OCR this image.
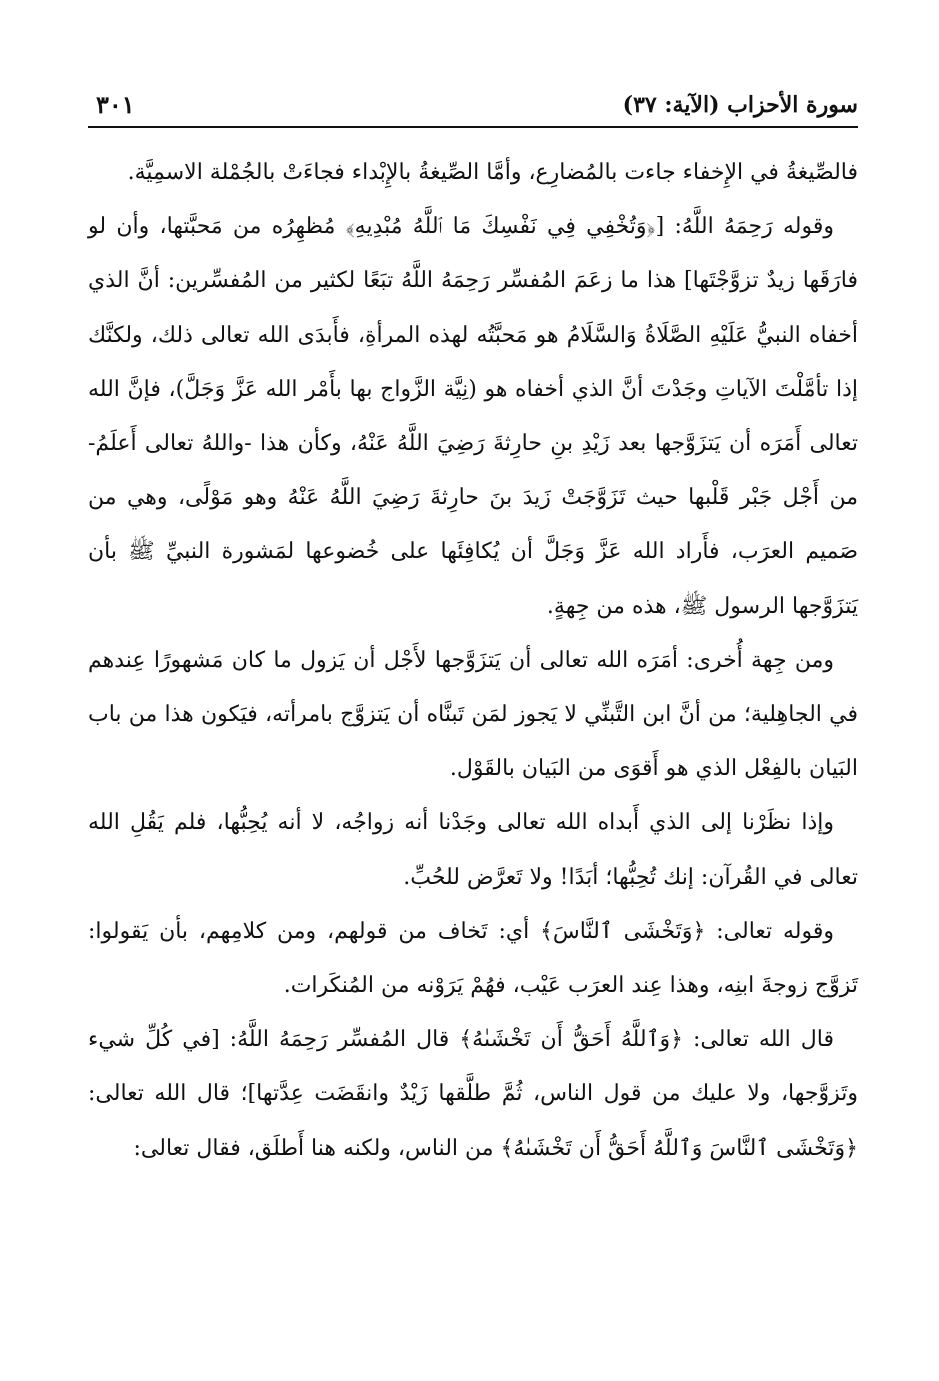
سورة الأحزاب (الآية: ٣٧)
٣٠١

فالصِّيغةُ في الإِخفاء جاءت بالمُضارِع، وأمَّا الصِّيغةُ بالإِبْداء فجاءَتْ بالجُمْلة الاسمِيَّة.

وقوله رَحِمَهُ اللَّهُ: [﴿وَتُخْفِي فِي نَفْسِكَ مَا ٱللَّهُ مُبْدِيهِ﴾ مُظهِرُه من مَحبَّتها، وأن لو فارَقَها زيدٌ تزوَّجْتَها] هذا ما زعَمَ المُفسِّر رَحِمَهُ اللَّهُ تبَعًا لكثير من المُفسِّرين: أنَّ الذي أخفاه النبيُّ عَلَيْهِ الصَّلَاةُ وَالسَّلَامُ هو مَحبَّتُه لهذه المرأةِ، فأَبدَى الله تعالى ذلك، ولكنَّك إذا تأمَّلْتَ الآياتِ وجَدْتَ أنَّ الذي أخفاه هو (نِيَّة الزَّواج بها بأَمْر الله عَزَّ وَجَلَّ)، فإنَّ الله تعالى أَمَرَه أن يَتزَوَّجها بعد زَيْدِ بنِ حارِثةَ رَضِيَ اللَّهُ عَنْهُ، وكأن هذا -واللهُ تعالى أَعلَمُ- من أَجْل جَبْر قَلْبها حيث تَزَوَّجَتْ زَيدَ بنَ حارِثةَ رَضِيَ اللَّهُ عَنْهُ وهو مَوْلًى، وهي من صَميم العرَب، فأَراد الله عَزَّ وَجَلَّ أن يُكافِئَها على خُضوعها لمَشورة النبيِّ ﷺ بأن يَتزَوَّجها الرسول ﷺ، هذه من جِهةٍ.

ومن جِهة أُخرى: أمَرَه الله تعالى أن يَتزَوَّجها لأَجْل أن يَزول ما كان مَشهورًا عِندهم في الجاهِلية؛ من أنَّ ابن التَّبنِّي لا يَجوز لمَن تَبنَّاه أن يَتزوَّج بامرأته، فيَكون هذا من باب البَيان بالفِعْل الذي هو أَقوَى من البَيان بالقَوْل.

وإذا نظَرْنا إلى الذي أَبداه الله تعالى وجَدْنا أنه زواجُه، لا أنه يُحِبُّها، فلم يَقُلِ الله تعالى في القُرآن: إنك تُحِبُّها؛ أبَدًا! ولا تَعرَّض للحُبِّ.

وقوله تعالى: ﴿وَتَخْشَى ٱلنَّاسَ﴾ أي: تَخاف من قولهم، ومن كلامِهم، بأن يَقولوا: تَزوَّج زوجةَ ابنِه، وهذا عِند العرَب عَيْب، فهُمْ يَرَوْنه من المُنكَرات.

قال الله تعالى: ﴿وَٱللَّهُ أَحَقُّ أَن تَخْشَىٰهُ﴾ قال المُفسِّر رَحِمَهُ اللَّهُ: [في كُلِّ شيء وتَزوَّجها، ولا عليك من قول الناس، ثُمَّ طلَّقها زَيْدٌ وانقَضَت عِدَّتها]؛ قال الله تعالى: ﴿وَتَخْشَى ٱلنَّاسَ وَٱللَّهُ أَحَقُّ أَن تَخْشَىٰهُ﴾ من الناس، ولكنه هنا أَطلَق، فقال تعالى:
